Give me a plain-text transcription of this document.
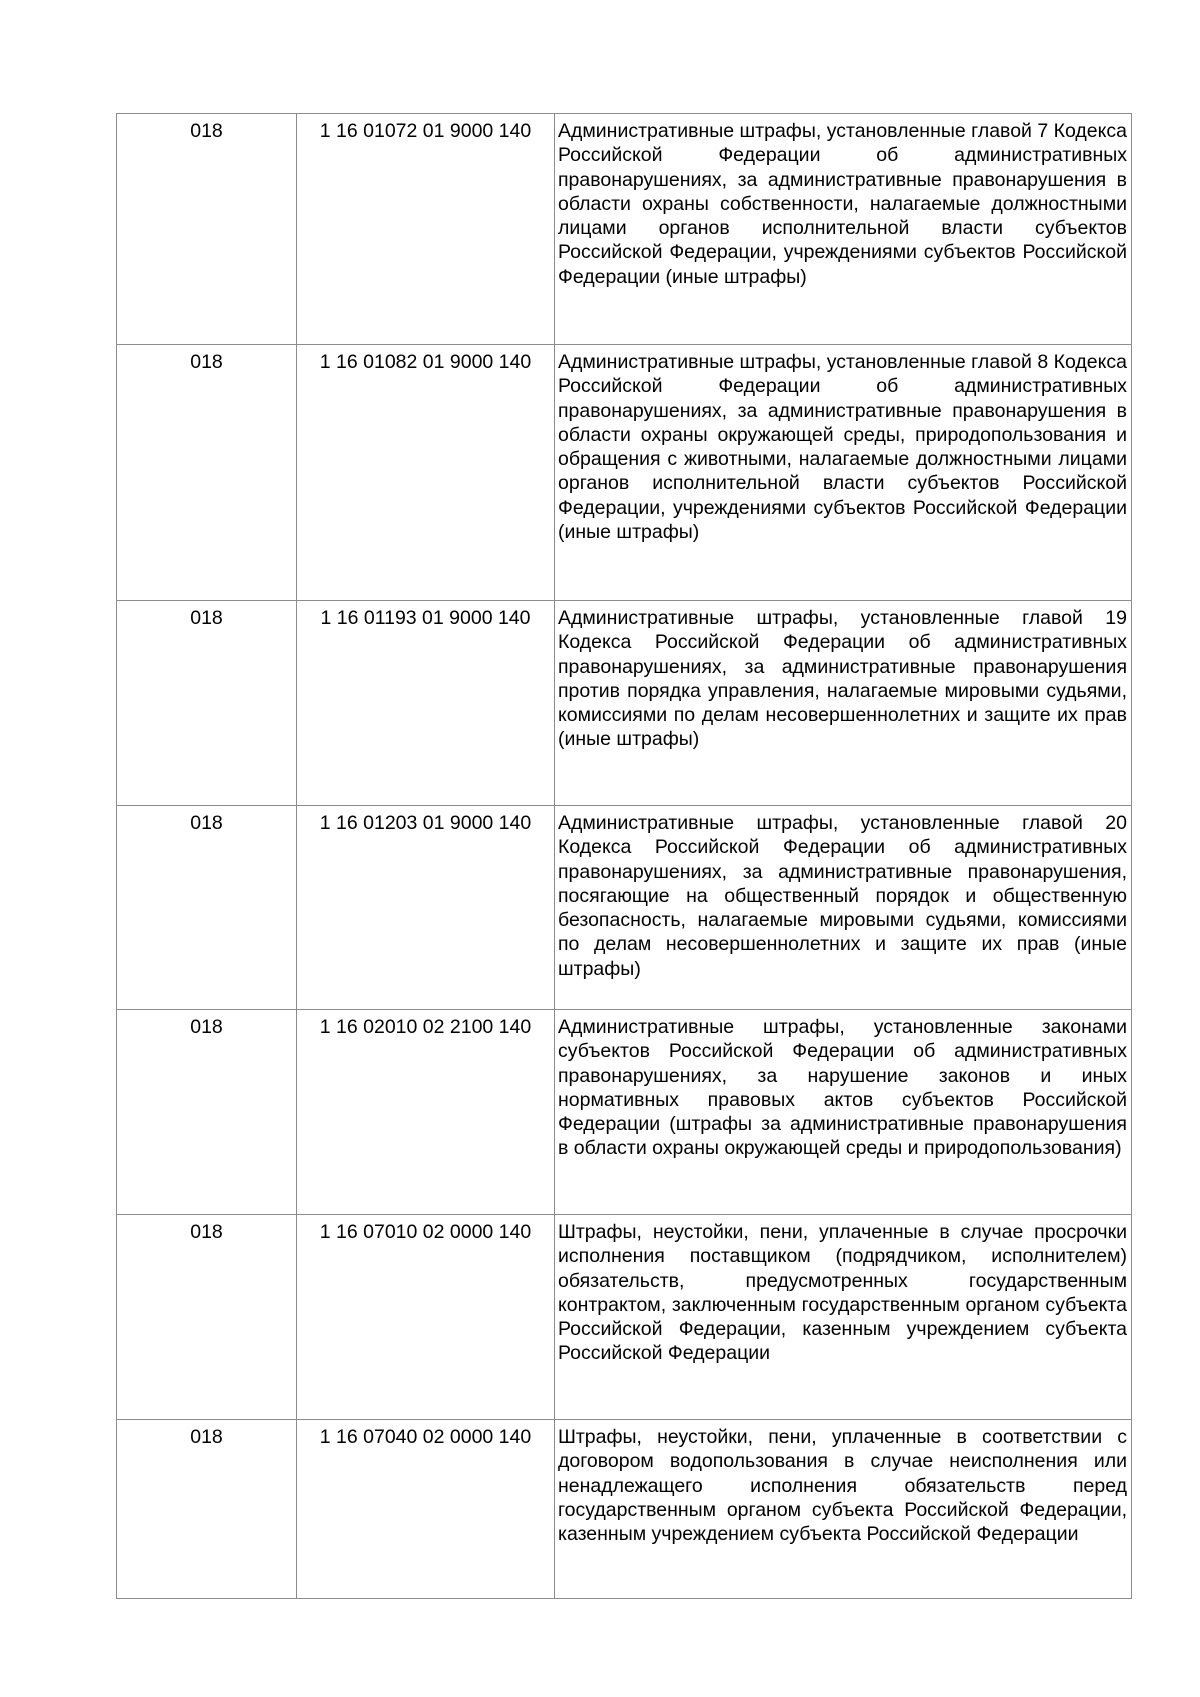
018	1 16 01072 01 9000 140	Административные штрафы, установленные главой 7 Кодекса Российской Федерации об административных правонарушениях, за административные правонарушения в области охраны собственности, налагаемые должностными лицами органов исполнительной власти субъектов Российской Федерации, учреждениями субъектов Российской Федерации (иные штрафы)
018	1 16 01082 01 9000 140	Административные штрафы, установленные главой 8 Кодекса Российской Федерации об административных правонарушениях, за административные правонарушения в области охраны окружающей среды, природопользования и обращения с животными, налагаемые должностными лицами органов исполнительной власти субъектов Российской Федерации, учреждениями субъектов Российской Федерации (иные штрафы)
018	1 16 01193 01 9000 140	Административные штрафы, установленные главой 19 Кодекса Российской Федерации об административных правонарушениях, за административные правонарушения против порядка управления, налагаемые мировыми судьями, комиссиями по делам несовершеннолетних и защите их прав (иные штрафы)
018	1 16 01203 01 9000 140	Административные штрафы, установленные главой 20 Кодекса Российской Федерации об административных правонарушениях, за административные правонарушения, посягающие на общественный порядок и общественную безопасность, налагаемые мировыми судьями, комиссиями по делам несовершеннолетних и защите их прав (иные штрафы)
018	1 16 02010 02 2100 140	Административные штрафы, установленные законами субъектов Российской Федерации об административных правонарушениях, за нарушение законов и иных нормативных правовых актов субъектов Российской Федерации (штрафы за административные правонарушения в области охраны окружающей среды и природопользования)
018	1 16 07010 02 0000 140	Штрафы, неустойки, пени, уплаченные в случае просрочки исполнения поставщиком (подрядчиком, исполнителем) обязательств, предусмотренных государственным контрактом, заключенным государственным органом субъекта Российской Федерации, казенным учреждением субъекта Российской Федерации
018	1 16 07040 02 0000 140	Штрафы, неустойки, пени, уплаченные в соответствии с договором водопользования в случае неисполнения или ненадлежащего исполнения обязательств перед государственным органом субъекта Российской Федерации, казенным учреждением субъекта Российской Федерации
